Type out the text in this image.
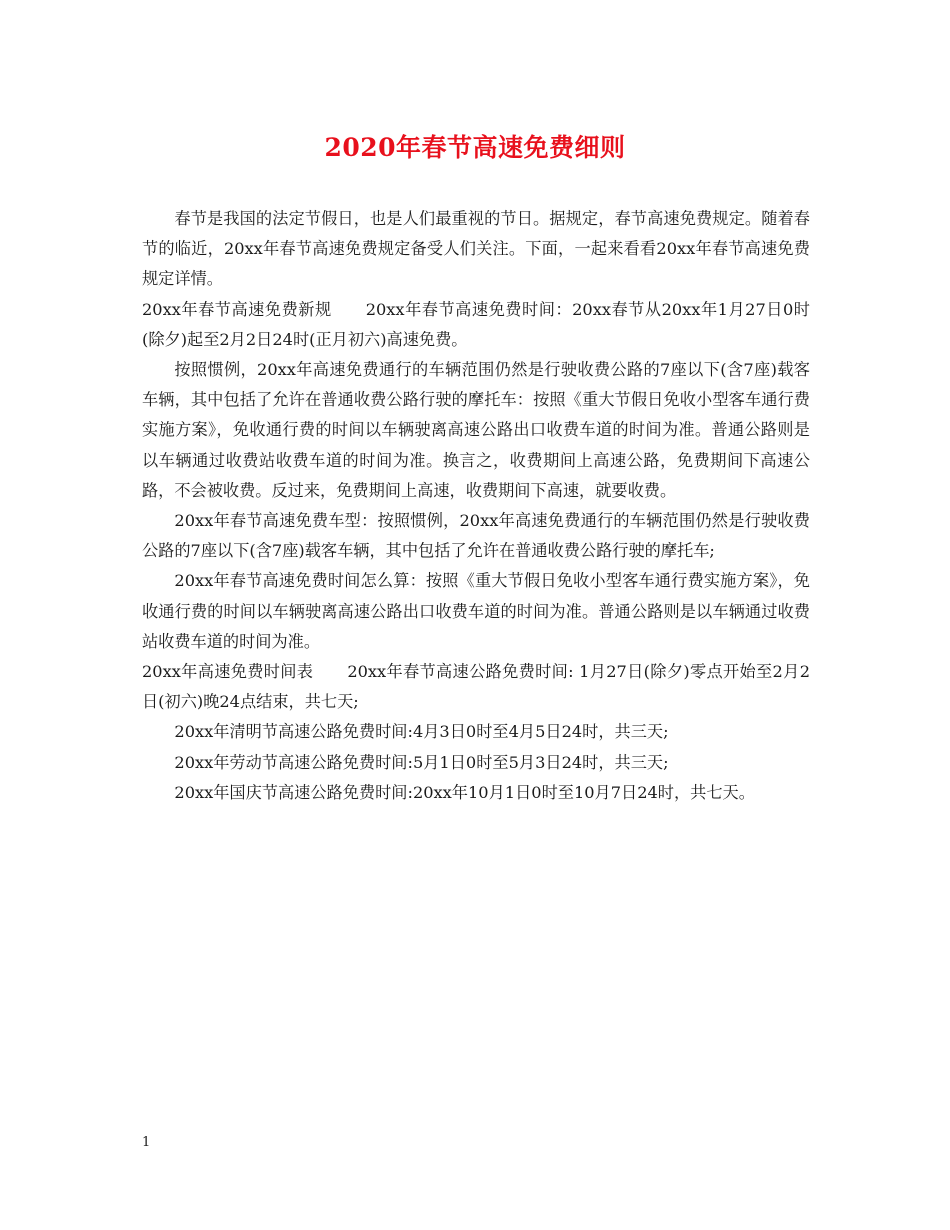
2020年春节高速免费细则

春节是我国的法定节假日，也是人们最重视的节日。据规定，春节高速免费规定。随着春节的临近，20xx年春节高速免费规定备受人们关注。下面，一起来看看20xx年春节高速免费规定详情。

20xx年春节高速免费新规 20xx年春节高速免费时间：20xx春节从20xx年1月27日0时(除夕)起至2月2日24时(正月初六)高速免费。

按照惯例，20xx年高速免费通行的车辆范围仍然是行驶收费公路的7座以下(含7座)载客车辆，其中包括了允许在普通收费公路行驶的摩托车：按照《重大节假日免收小型客车通行费实施方案》，免收通行费的时间以车辆驶离高速公路出口收费车道的时间为准。普通公路则是以车辆通过收费站收费车道的时间为准。换言之，收费期间上高速公路，免费期间下高速公路，不会被收费。反过来，免费期间上高速，收费期间下高速，就要收费。

20xx年春节高速免费车型：按照惯例，20xx年高速免费通行的车辆范围仍然是行驶收费公路的7座以下(含7座)载客车辆，其中包括了允许在普通收费公路行驶的摩托车;

20xx年春节高速免费时间怎么算：按照《重大节假日免收小型客车通行费实施方案》，免收通行费的时间以车辆驶离高速公路出口收费车道的时间为准。普通公路则是以车辆通过收费站收费车道的时间为准。

20xx年高速免费时间表 20xx年春节高速公路免费时间: 1月27日(除夕)零点开始至2月2日(初六)晚24点结束，共七天;

20xx年清明节高速公路免费时间:4月3日0时至4月5日24时，共三天;

20xx年劳动节高速公路免费时间:5月1日0时至5月3日24时，共三天;

20xx年国庆节高速公路免费时间:20xx年10月1日0时至10月7日24时，共七天。

1
